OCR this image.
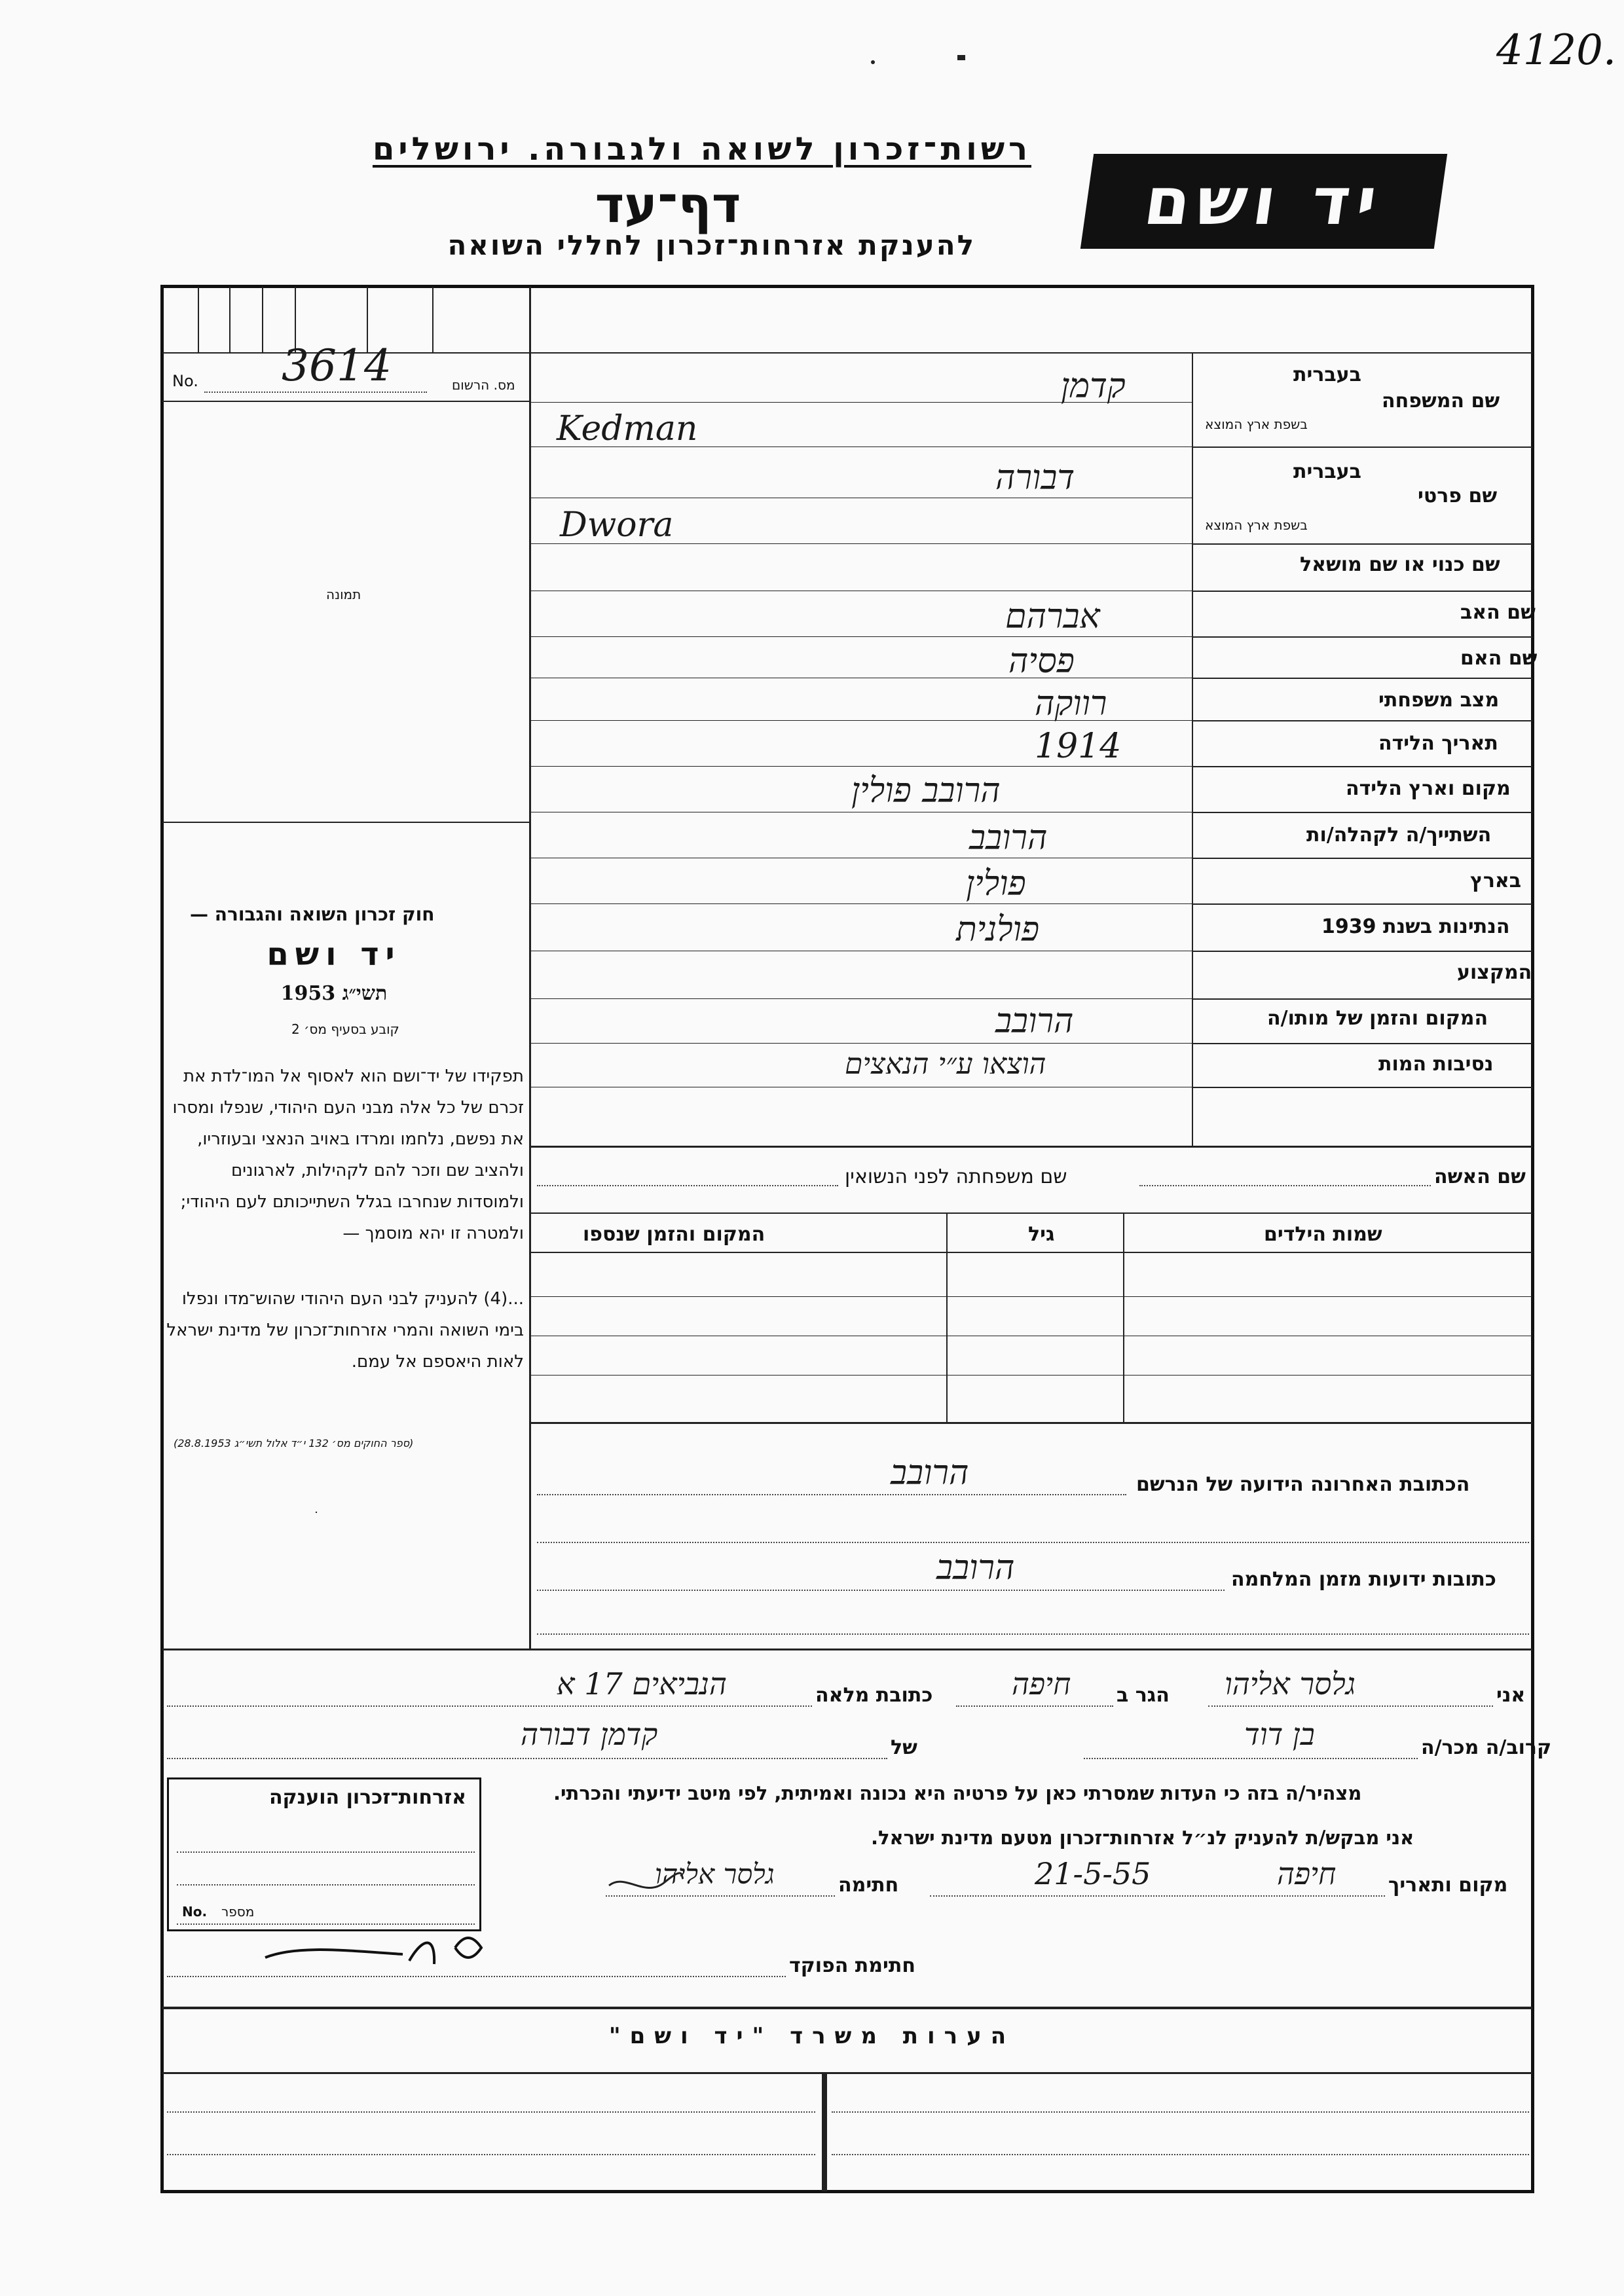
4120.
רשות־זכרון לשואה ולגבורה. ירושלים
דף־עד
להענקת אזרחות־זכרון לחללי השואה
יד ושם
No. 3614	מס. הרשום
תמונה
בעברית
שם המשפחה
בשפת ארץ המוצא
קדמן
Kedman
בעברית
שם פרטי
בשפת ארץ המוצא
דבורה
Dwora
שם כנוי או שם מושאל
שם האב
אברהם
שם האם
פסיה
מצב משפחתי
רווקה
תאריך הלידה
1914
מקום וארץ הלידה
הרובב פולין
השתייך/ה לקהלה/ות
הרובב
בארץ
פולין
הנתינות בשנת 1939
פולנית
המקצוע
המקום והזמן של מותו/ה
הרובב
נסיבות המות
הוצאו ע״י הנאצים
חוק זכרון השואה והגבורה —
יד ושם
תשי״ג 1953
קובע בסעיף מס׳ 2
תפקידו של יד־ושם הוא לאסוף אל המו־לדת את זכרם של כל אלה מבני העם היהודי, שנפלו ומסרו את נפשם, נלחמו ומרדו באויב הנאצי ובעוזריו, ולהציב שם וזכר להם לקהילות, לארגונים ולמוסדות שנחרבו בגלל השתייכותם לעם היהודי; ולמטרה זו יהא מוסמך —
...(4) להעניק לבני העם היהודי שהוש־מדו ונפלו בימי השואה והמרי אזרחות־זכרון של מדינת ישראל לאות היאספם אל עמם.
(ספר החוקים מס׳ 132 י״ד אלול תשי״ג 28.8.1953)
˙
שם האשה
שם משפחתה לפני הנשואין
שמות הילדים
גיל
המקום והזמן שנספו
הכתובת האחרונה הידועה של הנרשם
הרובב
כתובות ידועות מזמן המלחמה
הרובב
אני
גלסר אליהו
הגר ב
חיפה
כתובת מלאה
הנביאים 17 א
קרוב/ה מכר/ה
בן דוד
של
קדמן דבורה
מצהיר/ה בזה כי העדות שמסרתי כאן על פרטיה היא נכונה ואמיתית, לפי מיטב ידיעתי והכרתי.
אני מבקש/ת להעניק לנ״ל אזרחות־זכרון מטעם מדינת ישראל.
מקום ותאריך
חיפה
21-5-55
חתימה
גלסר אליהו
חתימת הפוקד
אזרחות־זכרון הוענקה
No. מספר
הערות משרד "יד ושם"
